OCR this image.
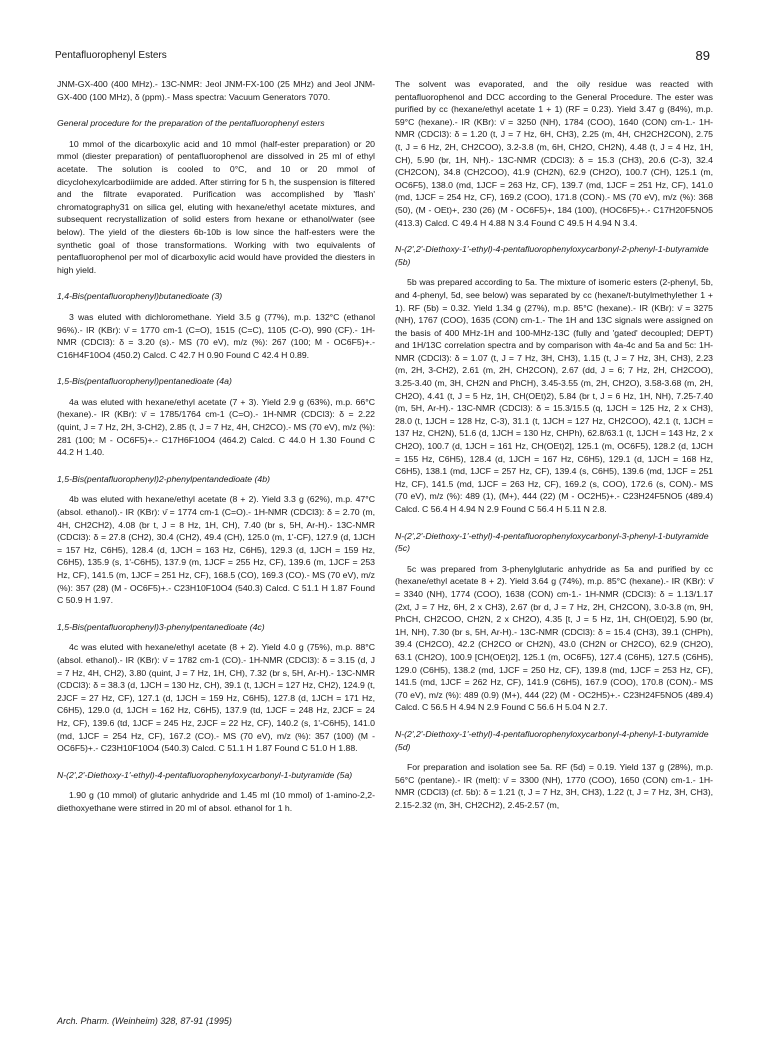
Pentafluorophenyl Esters	89

JNM-GX-400 (400 MHz).- 13C-NMR: Jeol JNM-FX-100 (25 MHz) and Jeol JNM-GX-400 (100 MHz), δ (ppm).- Mass spectra: Vacuum Generators 7070.

General procedure for the preparation of the pentafluorophenyl esters

10 mmol of the dicarboxylic acid and 10 mmol (half-ester preparation) or 20 mmol (diester preparation) of pentafluorophenol are dissolved in 25 ml of ethyl acetate. The solution is cooled to 0°C, and 10 or 20 mmol of dicyclohexylcarbodiimide are added. After stirring for 5 h, the suspension is filtered and the filtrate evaporated. Purification was accomplished by 'flash' chromatography31 on silica gel, eluting with hexane/ethyl acetate mixtures, and subsequent recrystallization of solid esters from hexane or ethanol/water (see below). The yield of the diesters 6b-10b is low since the half-esters were the synthetic goal of those transformations. Working with two equivalents of pentafluorophenol per mol of dicarboxylic acid would have provided the diesters in high yield.

1,4-Bis(pentafluorophenyl)butanedioate (3)

3 was eluted with dichloromethane. Yield 3.5 g (77%), m.p. 132°C (ethanol 96%).- IR (KBr): ν̄ = 1770 cm-1 (C=O), 1515 (C=C), 1105 (C-O), 990 (CF).- 1H-NMR (CDCl3): δ = 3.20 (s).- MS (70 eV), m/z (%): 267 (100; M - OC6F5)+.- C16H4F10O4 (450.2) Calcd. C 42.7 H 0.90 Found C 42.4 H 0.89.

1,5-Bis(pentafluorophenyl)pentanedioate (4a)

4a was eluted with hexane/ethyl acetate (7 + 3). Yield 2.9 g (63%), m.p. 66°C (hexane).- IR (KBr): ν̄ = 1785/1764 cm-1 (C=O).- 1H-NMR (CDCl3): δ = 2.22 (quint, J = 7 Hz, 2H, 3-CH2), 2.85 (t, J = 7 Hz, 4H, CH2CO).- MS (70 eV), m/z (%): 281 (100; M - OC6F5)+.- C17H6F10O4 (464.2) Calcd. C 44.0 H 1.30 Found C 44.2 H 1.40.

1,5-Bis(pentafluorophenyl)2-phenylpentandedioate (4b)

4b was eluted with hexane/ethyl acetate (8 + 2). Yield 3.3 g (62%), m.p. 47°C (absol. ethanol).- IR (KBr): ν̄ = 1774 cm-1 (C=O).- 1H-NMR (CDCl3): δ = 2.70 (m, 4H, CH2CH2), 4.08 (br t, J = 8 Hz, 1H, CH), 7.40 (br s, 5H, Ar-H).- 13C-NMR (CDCl3): δ = 27.8 (CH2), 30.4 (CH2), 49.4 (CH), 125.0 (m, 1'-CF), 127.9 (d, 1JCH = 157 Hz, C6H5), 128.4 (d, 1JCH = 163 Hz, C6H5), 129.3 (d, 1JCH = 159 Hz, C6H5), 135.9 (s, 1'-C6H5), 137.9 (m, 1JCF = 255 Hz, CF), 139.6 (m, 1JCF = 253 Hz, CF), 141.5 (m, 1JCF = 251 Hz, CF), 168.5 (CO), 169.3 (CO).- MS (70 eV), m/z (%): 357 (28) (M - OC6F5)+.- C23H10F10O4 (540.3) Calcd. C 51.1 H 1.87 Found C 50.9 H 1.97.

1,5-Bis(pentafluorophenyl)3-phenylpentanedioate (4c)

4c was eluted with hexane/ethyl acetate (8 + 2). Yield 4.0 g (75%), m.p. 88°C (absol. ethanol).- IR (KBr): ν̄ = 1782 cm-1 (CO).- 1H-NMR (CDCl3): δ = 3.15 (d, J = 7 Hz, 4H, CH2), 3.80 (quint, J = 7 Hz, 1H, CH), 7.32 (br s, 5H, Ar-H).- 13C-NMR (CDCl3): δ = 38.3 (d, 1JCH = 130 Hz, CH), 39.1 (t, 1JCH = 127 Hz, CH2), 124.9 (t, 2JCF = 27 Hz, CF), 127.1 (d, 1JCH = 159 Hz, C6H5), 127.8 (d, 1JCH = 171 Hz, C6H5), 129.0 (d, 1JCH = 162 Hz, C6H5), 137.9 (td, 1JCF = 248 Hz, 2JCF = 24 Hz, CF), 139.6 (td, 1JCF = 245 Hz, 2JCF = 22 Hz, CF), 140.2 (s, 1'-C6H5), 141.0 (md, 1JCF = 254 Hz, CF), 167.2 (CO).- MS (70 eV), m/z (%): 357 (100) (M - OC6F5)+.- C23H10F10O4 (540.3) Calcd. C 51.1 H 1.87 Found C 51.0 H 1.88.

N-(2',2'-Diethoxy-1'-ethyl)-4-pentafluorophenyloxycarbonyl-1-butyramide (5a)

1.90 g (10 mmol) of glutaric anhydride and 1.45 ml (10 mmol) of 1-amino-2,2-diethoxyethane were stirred in 20 ml of absol. ethanol for 1 h.

The solvent was evaporated, and the oily residue was reacted with pentafluorophenol and DCC according to the General Procedure. The ester was purified by cc (hexane/ethyl acetate 1 + 1) (RF = 0.23). Yield 3.47 g (84%), m.p. 59°C (hexane).- IR (KBr): ν̄ = 3250 (NH), 1784 (COO), 1640 (CON) cm-1.- 1H-NMR (CDCl3): δ = 1.20 (t, J = 7 Hz, 6H, CH3), 2.25 (m, 4H, CH2CH2CON), 2.75 (t, J = 6 Hz, 2H, CH2COO), 3.2-3.8 (m, 6H, CH2O, CH2N), 4.48 (t, J = 4 Hz, 1H, CH), 5.90 (br, 1H, NH).- 13C-NMR (CDCl3): δ = 15.3 (CH3), 20.6 (C-3), 32.4 (CH2CON), 34.8 (CH2COO), 41.9 (CH2N), 62.9 (CH2O), 100.7 (CH), 125.1 (m, OC6F5), 138.0 (md, 1JCF = 263 Hz, CF), 139.7 (md, 1JCF = 251 Hz, CF), 141.0 (md, 1JCF = 254 Hz, CF), 169.2 (COO), 171.8 (CON).- MS (70 eV), m/z (%): 368 (50), (M - OEt)+, 230 (26) (M - OC6F5)+, 184 (100), (HOC6F5)+.- C17H20F5NO5 (413.3) Calcd. C 49.4 H 4.88 N 3.4 Found C 49.5 H 4.94 N 3.4.

N-(2',2'-Diethoxy-1'-ethyl)-4-pentafluorophenyloxycarbonyl-2-phenyl-1-butyramide (5b)

5b was prepared according to 5a. The mixture of isomeric esters (2-phenyl, 5b, and 4-phenyl, 5d, see below) was separated by cc (hexane/t-butylmethylether 1 + 1). RF (5b) = 0.32. Yield 1.34 g (27%), m.p. 85°C (hexane).- IR (KBr): ν̄ = 3275 (NH), 1767 (COO), 1635 (CON) cm-1.- The 1H and 13C signals were assigned on the basis of 400 MHz-1H and 100-MHz-13C (fully and 'gated' decoupled; DEPT) and 1H/13C correlation spectra and by comparison with 4a-4c and 5a and 5c: 1H-NMR (CDCl3): δ = 1.07 (t, J = 7 Hz, 3H, CH3), 1.15 (t, J = 7 Hz, 3H, CH3), 2.23 (m, 2H, 3-CH2), 2.61 (m, 2H, CH2CON), 2.67 (dd, J = 6; 7 Hz, 2H, CH2COO), 3.25-3.40 (m, 3H, CH2N and PhCH), 3.45-3.55 (m, 2H, CH2O), 3.58-3.68 (m, 2H, CH2O), 4.41 (t, J = 5 Hz, 1H, CH(OEt)2), 5.84 (br t, J = 6 Hz, 1H, NH), 7.25-7.40 (m, 5H, Ar-H).- 13C-NMR (CDCl3): δ = 15.3/15.5 (q, 1JCH = 125 Hz, 2 x CH3), 28.0 (t, 1JCH = 128 Hz, C-3), 31.1 (t, 1JCH = 127 Hz, CH2COO), 42.1 (t, 1JCH = 137 Hz, CH2N), 51.6 (d, 1JCH = 130 Hz, CHPh), 62.8/63.1 (t, 1JCH = 143 Hz, 2 x CH2O), 100.7 (d, 1JCH = 161 Hz, CH(OEt)2], 125.1 (m, OC6F5), 128.2 (d, 1JCH = 155 Hz, C6H5), 128.4 (d, 1JCH = 167 Hz, C6H5), 129.1 (d, 1JCH = 168 Hz, C6H5), 138.1 (md, 1JCF = 257 Hz, CF), 139.4 (s, C6H5), 139.6 (md, 1JCF = 251 Hz, CF), 141.5 (md, 1JCF = 263 Hz, CF), 169.2 (s, COO), 172.6 (s, CON).- MS (70 eV), m/z (%): 489 (1), (M+), 444 (22) (M - OC2H5)+.- C23H24F5NO5 (489.4) Calcd. C 56.4 H 4.94 N 2.9 Found C 56.4 H 5.11 N 2.8.

N-(2',2'-Diethoxy-1'-ethyl)-4-pentafluorophenyloxycarbonyl-3-phenyl-1-butyramide (5c)

5c was prepared from 3-phenylglutaric anhydride as 5a and purified by cc (hexane/ethyl acetate 8 + 2). Yield 3.64 g (74%), m.p. 85°C (hexane).- IR (KBr): ν̄ = 3340 (NH), 1774 (COO), 1638 (CON) cm-1.- 1H-NMR (CDCl3): δ = 1.13/1.17 (2xt, J = 7 Hz, 6H, 2 x CH3), 2.67 (br d, J = 7 Hz, 2H, CH2CON), 3.0-3.8 (m, 9H, PhCH, CH2COO, CH2N, 2 x CH2O), 4.35 [t, J = 5 Hz, 1H, CH(OEt)2], 5.90 (br, 1H, NH), 7.30 (br s, 5H, Ar-H).- 13C-NMR (CDCl3): δ = 15.4 (CH3), 39.1 (CHPh), 39.4 (CH2CO), 42.2 (CH2CO or CH2N), 43.0 (CH2N or CH2CO), 62.9 (CH2O), 63.1 (CH2O), 100.9 [CH(OEt)2], 125.1 (m, OC6F5), 127.4 (C6H5), 127.5 (C6H5), 129.0 (C6H5), 138.2 (md, 1JCF = 250 Hz, CF), 139.8 (md, 1JCF = 253 Hz, CF), 141.5 (md, 1JCF = 262 Hz, CF), 141.9 (C6H5), 167.9 (COO), 170.8 (CON).- MS (70 eV), m/z (%): 489 (0.9) (M+), 444 (22) (M - OC2H5)+.- C23H24F5NO5 (489.4) Calcd. C 56.5 H 4.94 N 2.9 Found C 56.6 H 5.04 N 2.7.

N-(2',2'-Diethoxy-1'-ethyl)-4-pentafluorophenyloxycarbonyl-4-phenyl-1-butyramide (5d)

For preparation and isolation see 5a. RF (5d) = 0.19. Yield 137 g (28%), m.p. 56°C (pentane).- IR (melt): ν̄ = 3300 (NH), 1770 (COO), 1650 (CON) cm-1.- 1H-NMR (CDCl3) (cf. 5b): δ = 1.21 (t, J = 7 Hz, 3H, CH3), 1.22 (t, J = 7 Hz, 3H, CH3), 2.15-2.32 (m, 3H, CH2CH2), 2.45-2.57 (m,

Arch. Pharm. (Weinheim) 328, 87-91 (1995)
